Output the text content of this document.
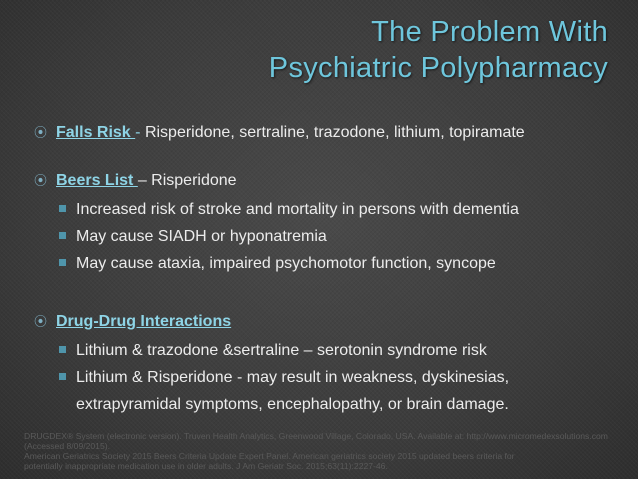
The Problem With
Psychiatric Polypharmacy
⦿ Falls Risk - Risperidone, sertraline, trazodone, lithium, topiramate
⦿ Beers List – Risperidone
Increased risk of stroke and mortality in persons with dementia
May cause SIADH or hyponatremia
May cause ataxia, impaired psychomotor function, syncope
⦿ Drug-Drug Interactions
Lithium & trazodone &sertraline – serotonin syndrome risk
Lithium & Risperidone - may result in weakness, dyskinesias, extrapyramidal symptoms, encephalopathy, or brain damage.
DRUGDEX® System (electronic version). Truven Health Analytics, Greenwood Village, Colorado, USA. Available at: http://www.micromedexsolutions.com
(Accessed 8/09/2015).
American Geriatrics Society 2015 Beers Criteria Update Expert Panel. American geriatrics society 2015 updated beers criteria for
potentially inappropriate medication use in older adults. J Am Geriatr Soc. 2015;63(11):2227-46.
